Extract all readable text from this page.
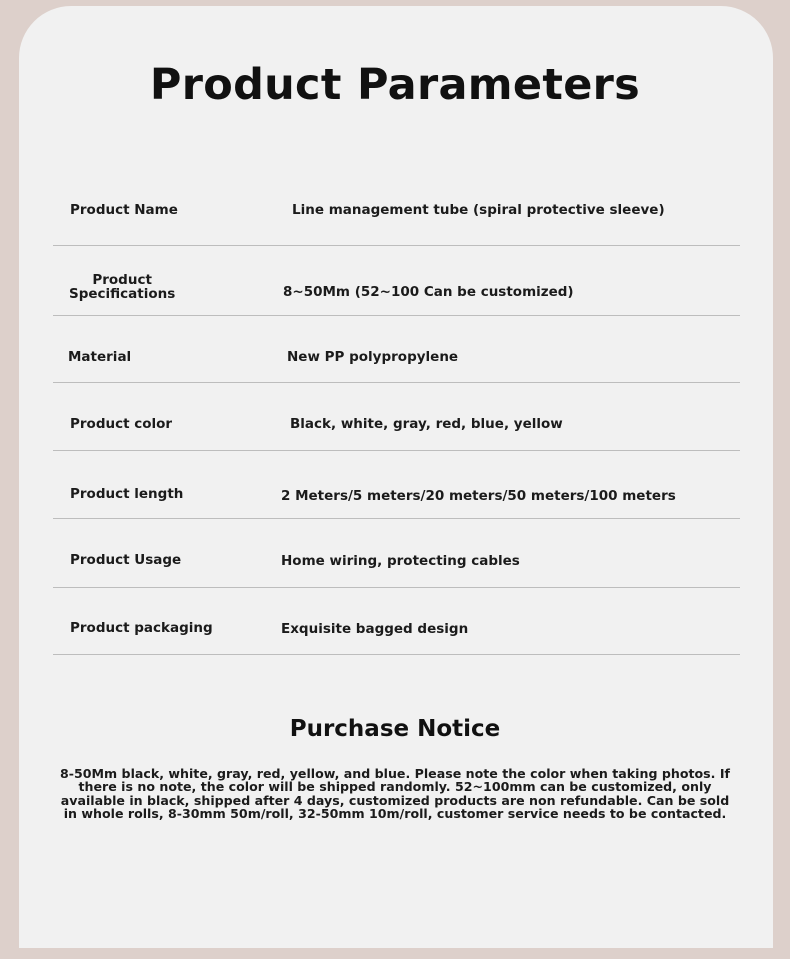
Product Parameters
Product Name	Line management tube (spiral protective sleeve)
Product
Specifications	8~50Mm (52~100 Can be customized)
Material	New PP polypropylene
Product color	Black, white, gray, red, blue, yellow
Product length	2 Meters/5 meters/20 meters/50 meters/100 meters
Product Usage	Home wiring, protecting cables
Product packaging	Exquisite bagged design
Purchase Notice

8-50Mm black, white, gray, red, yellow, and blue. Please note the color when taking photos. If there is no note, the color will be shipped randomly. 52~100mm can be customized, only available in black, shipped after 4 days, customized products are non refundable. Can be sold in whole rolls, 8-30mm 50m/roll, 32-50mm 10m/roll, customer service needs to be contacted.
